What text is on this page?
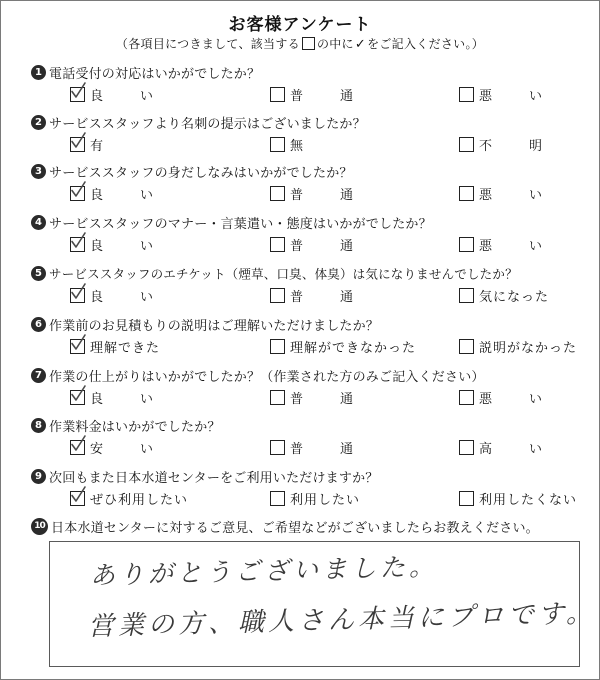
お客様アンケート
（各項目につきまして、該当する の中に✓をご記入ください。）
1 電話受付の対応はいかがでしたか？
良　い	普　通	悪　い
2 サービススタッフより名刺の提示はございましたか？
有	無	不　明
3 サービススタッフの身だしなみはいかがでしたか？
良　い	普　通	悪　い
4 サービススタッフのマナー・言葉遣い・態度はいかがでしたか？
良　い	普　通	悪　い
5 サービススタッフのエチケット（煙草、口臭、体臭）は気になりませんでしたか？
良　い	普　通	気になった
6 作業前のお見積もりの説明はご理解いただけましたか？
理解できた	理解ができなかった	説明がなかった
7 作業の仕上がりはいかがでしたか？（作業された方のみご記入ください）
良　い	普　通	悪　い
8 作業料金はいかがでしたか？
安　い	普　通	高　い
9 次回もまた日本水道センターをご利用いただけますか？
ぜひ利用したい	利用したい	利用したくない
10 日本水道センターに対するご意見、ご希望などがございましたらお教えください。
ありがとうございました。
営業の方、職人さん本当にプロです。
